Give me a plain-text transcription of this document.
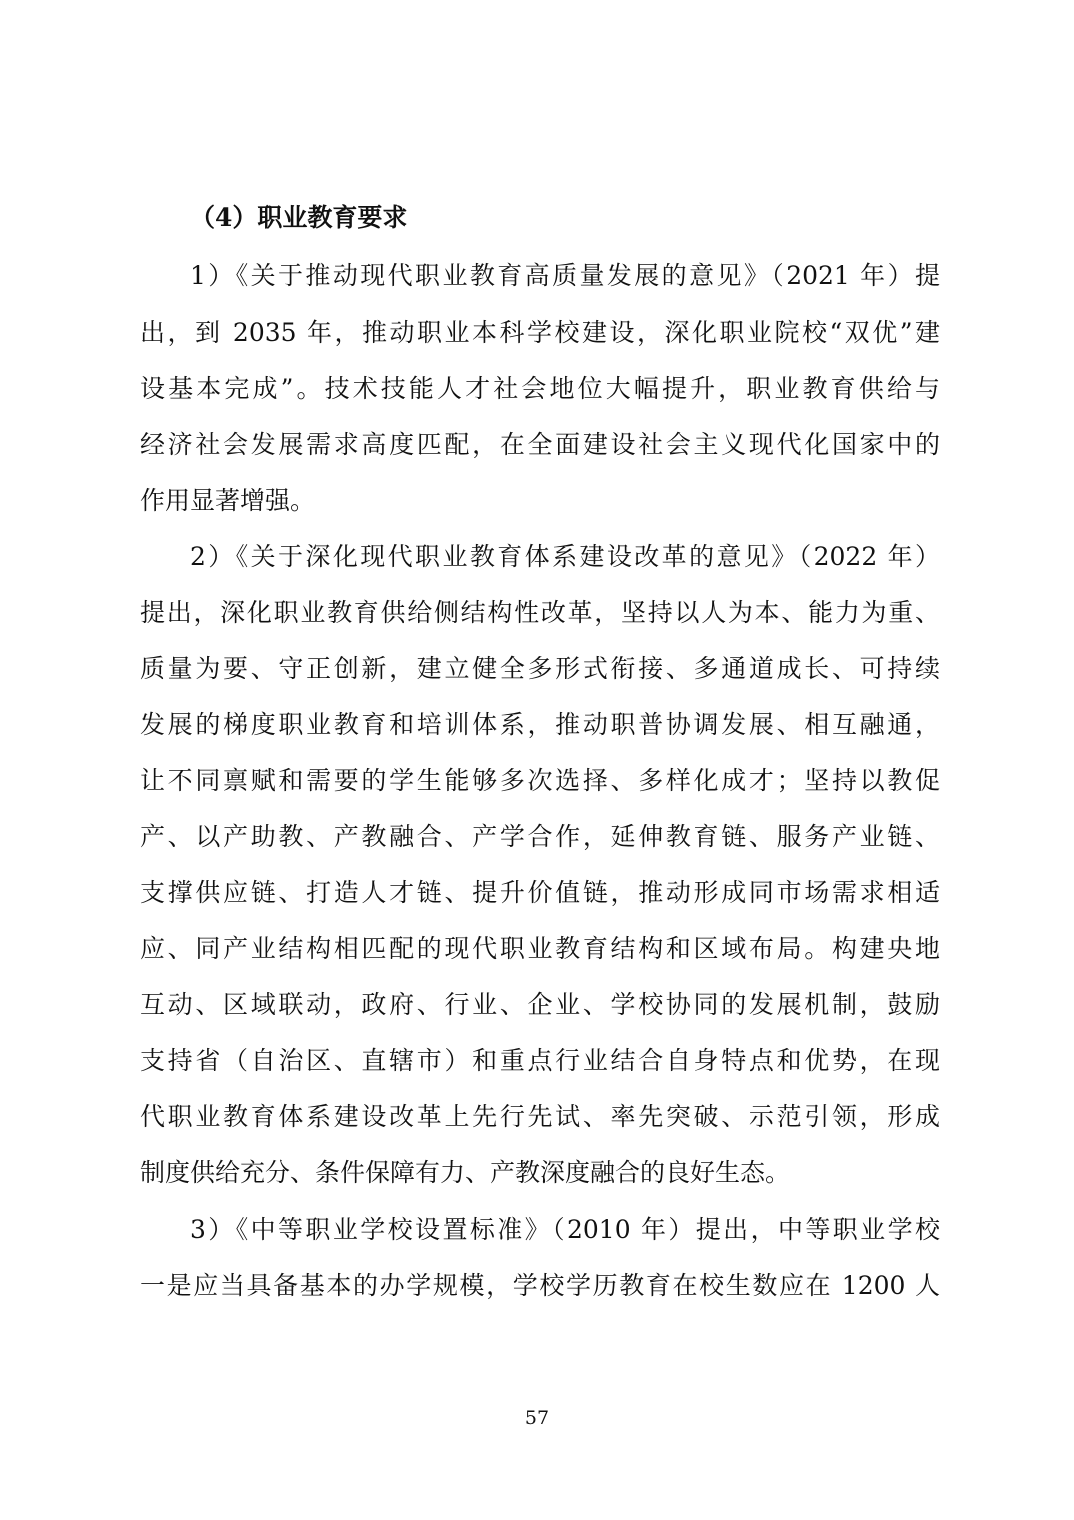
（4）职业教育要求
1）《关于推动现代职业教育高质量发展的意见》（2021 年）提
出，到 2035 年，推动职业本科学校建设，深化职业院校“双优”建
设基本完成”。技术技能人才社会地位大幅提升，职业教育供给与
经济社会发展需求高度匹配，在全面建设社会主义现代化国家中的
作用显著增强。
2）《关于深化现代职业教育体系建设改革的意见》（2022 年）
提出，深化职业教育供给侧结构性改革，坚持以人为本、能力为重、
质量为要、守正创新，建立健全多形式衔接、多通道成长、可持续
发展的梯度职业教育和培训体系，推动职普协调发展、相互融通，
让不同禀赋和需要的学生能够多次选择、多样化成才；坚持以教促
产、以产助教、产教融合、产学合作，延伸教育链、服务产业链、
支撑供应链、打造人才链、提升价值链，推动形成同市场需求相适
应、同产业结构相匹配的现代职业教育结构和区域布局。构建央地
互动、区域联动，政府、行业、企业、学校协同的发展机制，鼓励
支持省（自治区、直辖市）和重点行业结合自身特点和优势，在现
代职业教育体系建设改革上先行先试、率先突破、示范引领，形成
制度供给充分、条件保障有力、产教深度融合的良好生态。
3）《中等职业学校设置标准》（2010 年）提出，中等职业学校
一是应当具备基本的办学规模，学校学历教育在校生数应在 1200 人
57
